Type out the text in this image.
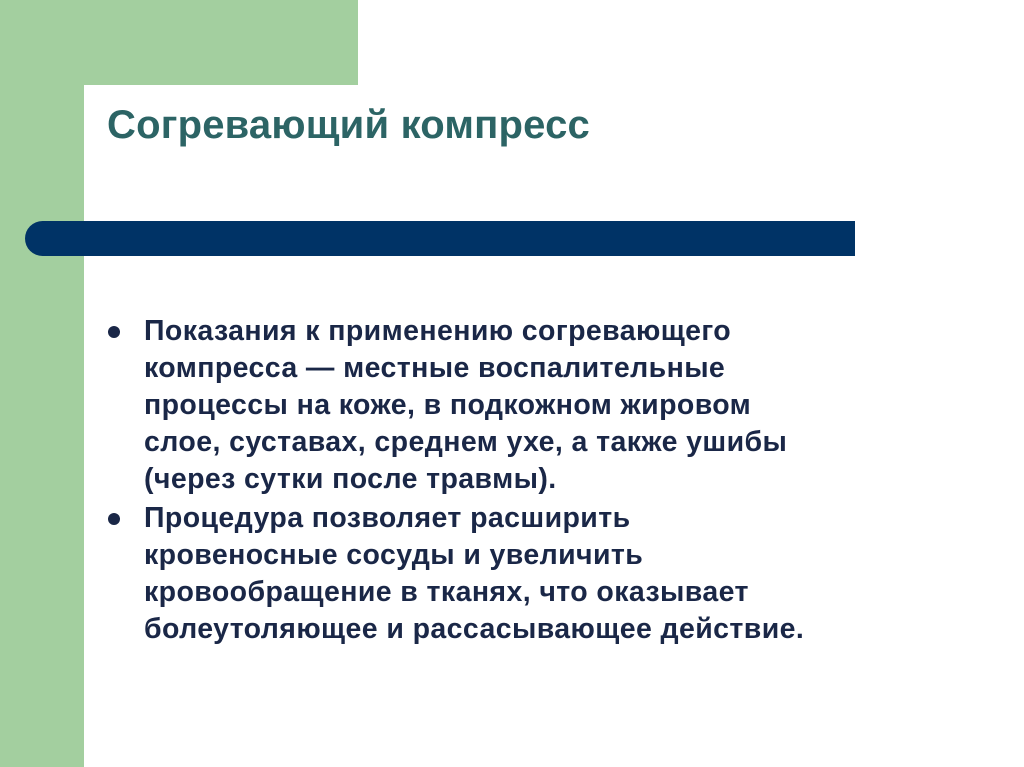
Согревающий компресс
Показания к применению согревающего
компресса — местные воспалительные
процессы на коже, в подкожном жировом
слое, суставах, среднем ухе, а также ушибы
(через сутки после травмы).
Процедура позволяет расширить
кровеносные сосуды и увеличить
кровообращение в тканях, что оказывает
болеутоляющее и рассасывающее действие.
